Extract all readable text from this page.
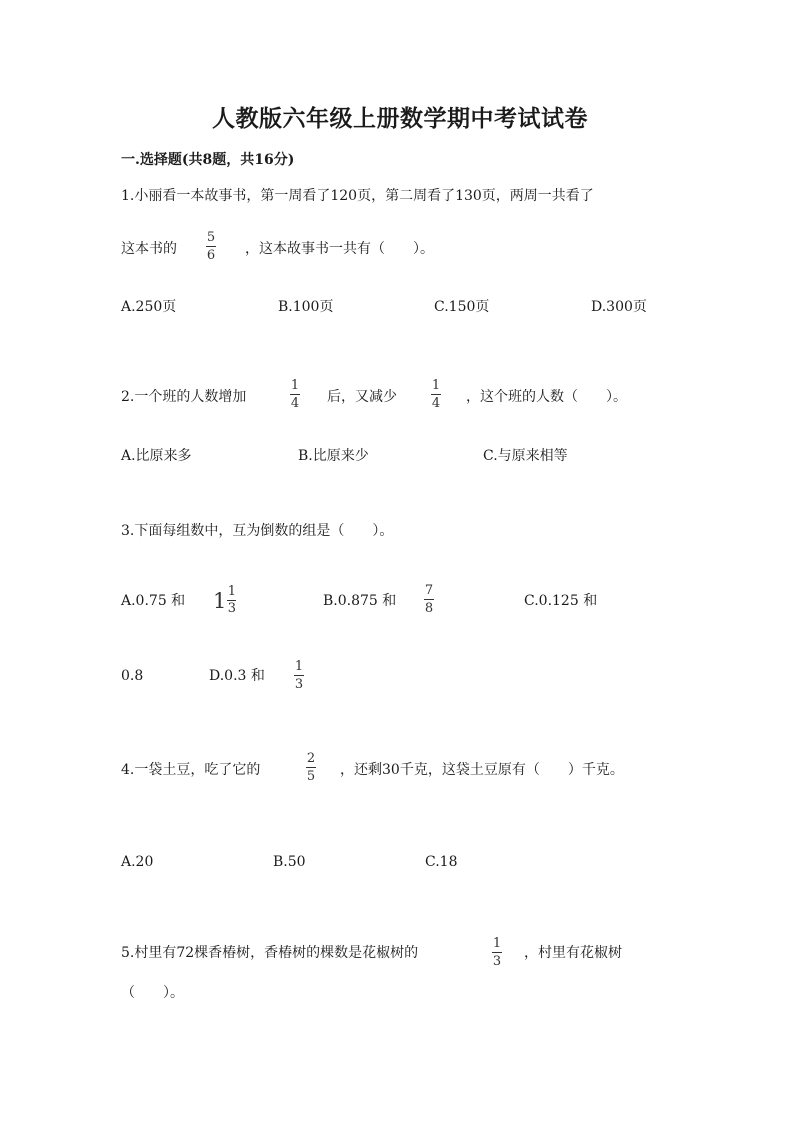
人教版六年级上册数学期中考试试卷
一.选择题(共8题，共16分)
1.小丽看一本故事书，第一周看了120页，第二周看了130页，两周一共看了
这本书的
5
6 ，这本故事书一共有（　　）。
A.250页	B.100页	C.150页	D.300页
2.一个班的人数增加
1
4 后，又减少
1
4 ，这个班的人数（　　）。
A.比原来多	B.比原来少	C.与原来相等
3.下面每组数中，互为倒数的组是（　　）。
A.0.75 和 1 1
3	B.0.875 和
7
8	C.0.125 和
0.8	D.0.3 和
1
3
4.一袋土豆，吃了它的
2
5 ，还剩30千克，这袋土豆原有（　　）千克。
A.20	B.50	C.18
5.村里有72棵香椿树，香椿树的棵数是花椒树的
1
3
，村里有花椒树
（　　）。
